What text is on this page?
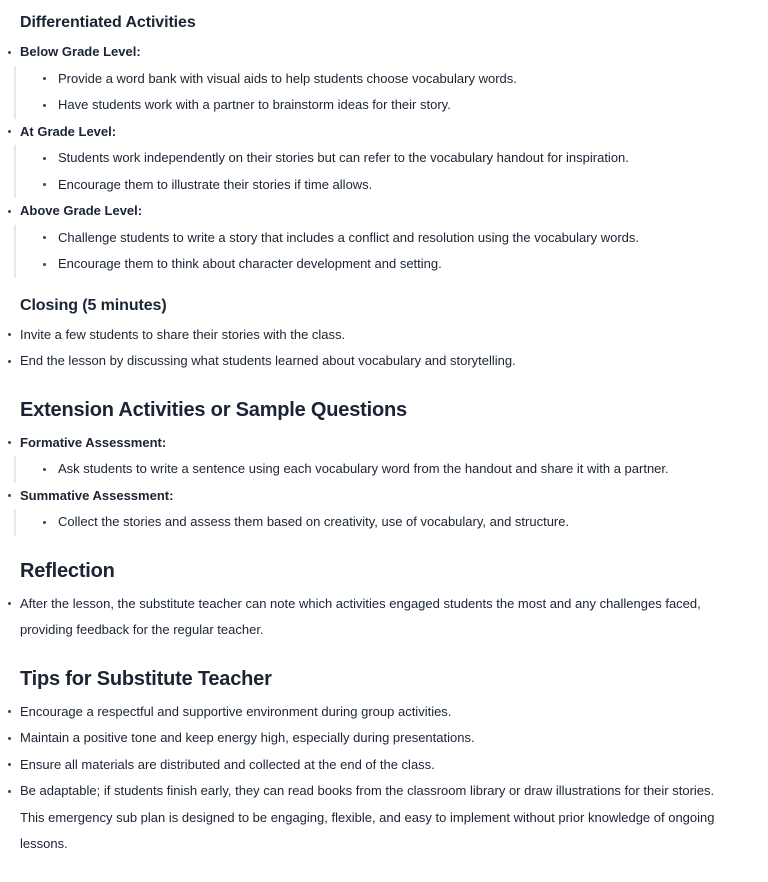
Differentiated Activities
Below Grade Level:
Provide a word bank with visual aids to help students choose vocabulary words.
Have students work with a partner to brainstorm ideas for their story.
At Grade Level:
Students work independently on their stories but can refer to the vocabulary handout for inspiration.
Encourage them to illustrate their stories if time allows.
Above Grade Level:
Challenge students to write a story that includes a conflict and resolution using the vocabulary words.
Encourage them to think about character development and setting.
Closing (5 minutes)
Invite a few students to share their stories with the class.
End the lesson by discussing what students learned about vocabulary and storytelling.
Extension Activities or Sample Questions
Formative Assessment:
Ask students to write a sentence using each vocabulary word from the handout and share it with a partner.
Summative Assessment:
Collect the stories and assess them based on creativity, use of vocabulary, and structure.
Reflection
After the lesson, the substitute teacher can note which activities engaged students the most and any challenges faced, providing feedback for the regular teacher.
Tips for Substitute Teacher
Encourage a respectful and supportive environment during group activities.
Maintain a positive tone and keep energy high, especially during presentations.
Ensure all materials are distributed and collected at the end of the class.
Be adaptable; if students finish early, they can read books from the classroom library or draw illustrations for their stories.

This emergency sub plan is designed to be engaging, flexible, and easy to implement without prior knowledge of ongoing lessons.
